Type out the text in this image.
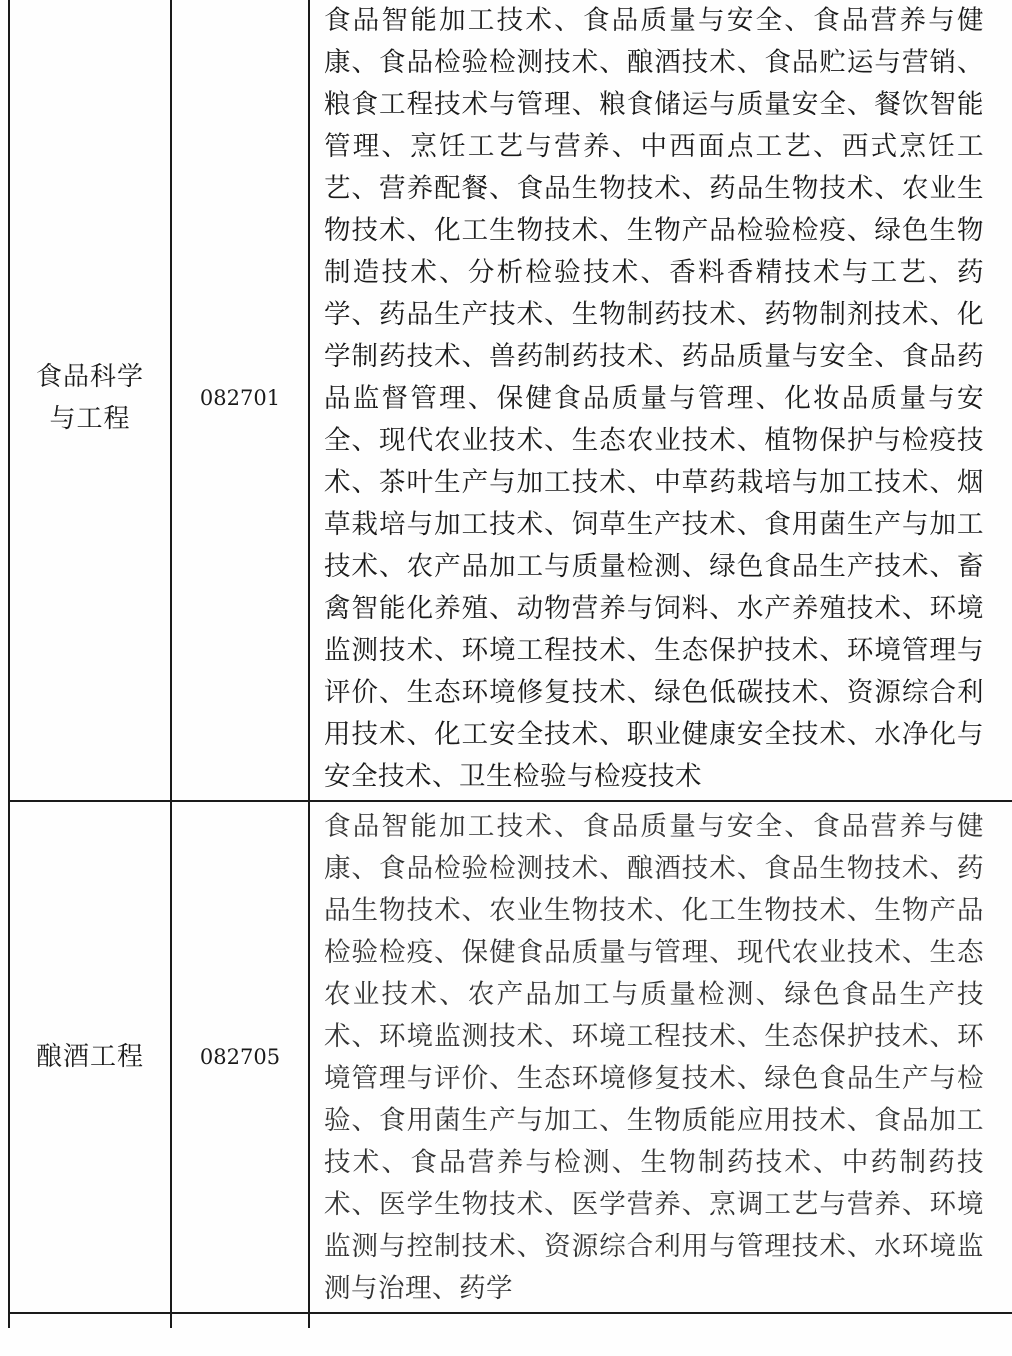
食品科学与工程	082701	食品智能加工技术、食品质量与安全、食品营养与健康、食品检验检测技术、酿酒技术、食品贮运与营销、粮食工程技术与管理、粮食储运与质量安全、餐饮智能管理、烹饪工艺与营养、中西面点工艺、西式烹饪工艺、营养配餐、食品生物技术、药品生物技术、农业生物技术、化工生物技术、生物产品检验检疫、绿色生物制造技术、分析检验技术、香料香精技术与工艺、药学、药品生产技术、生物制药技术、药物制剂技术、化学制药技术、兽药制药技术、药品质量与安全、食品药品监督管理、保健食品质量与管理、化妆品质量与安全、现代农业技术、生态农业技术、植物保护与检疫技术、茶叶生产与加工技术、中草药栽培与加工技术、烟草栽培与加工技术、饲草生产技术、食用菌生产与加工技术、农产品加工与质量检测、绿色食品生产技术、畜禽智能化养殖、动物营养与饲料、水产养殖技术、环境监测技术、环境工程技术、生态保护技术、环境管理与评价、生态环境修复技术、绿色低碳技术、资源综合利用技术、化工安全技术、职业健康安全技术、水净化与安全技术、卫生检验与检疫技术
酿酒工程	082705	食品智能加工技术、食品质量与安全、食品营养与健康、食品检验检测技术、酿酒技术、食品生物技术、药品生物技术、农业生物技术、化工生物技术、生物产品检验检疫、保健食品质量与管理、现代农业技术、生态农业技术、农产品加工与质量检测、绿色食品生产技术、环境监测技术、环境工程技术、生态保护技术、环境管理与评价、生态环境修复技术、绿色食品生产与检验、食用菌生产与加工、生物质能应用技术、食品加工技术、食品营养与检测、生物制药技术、中药制药技术、医学生物技术、医学营养、烹调工艺与营养、环境监测与控制技术、资源综合利用与管理技术、水环境监测与治理、药学
